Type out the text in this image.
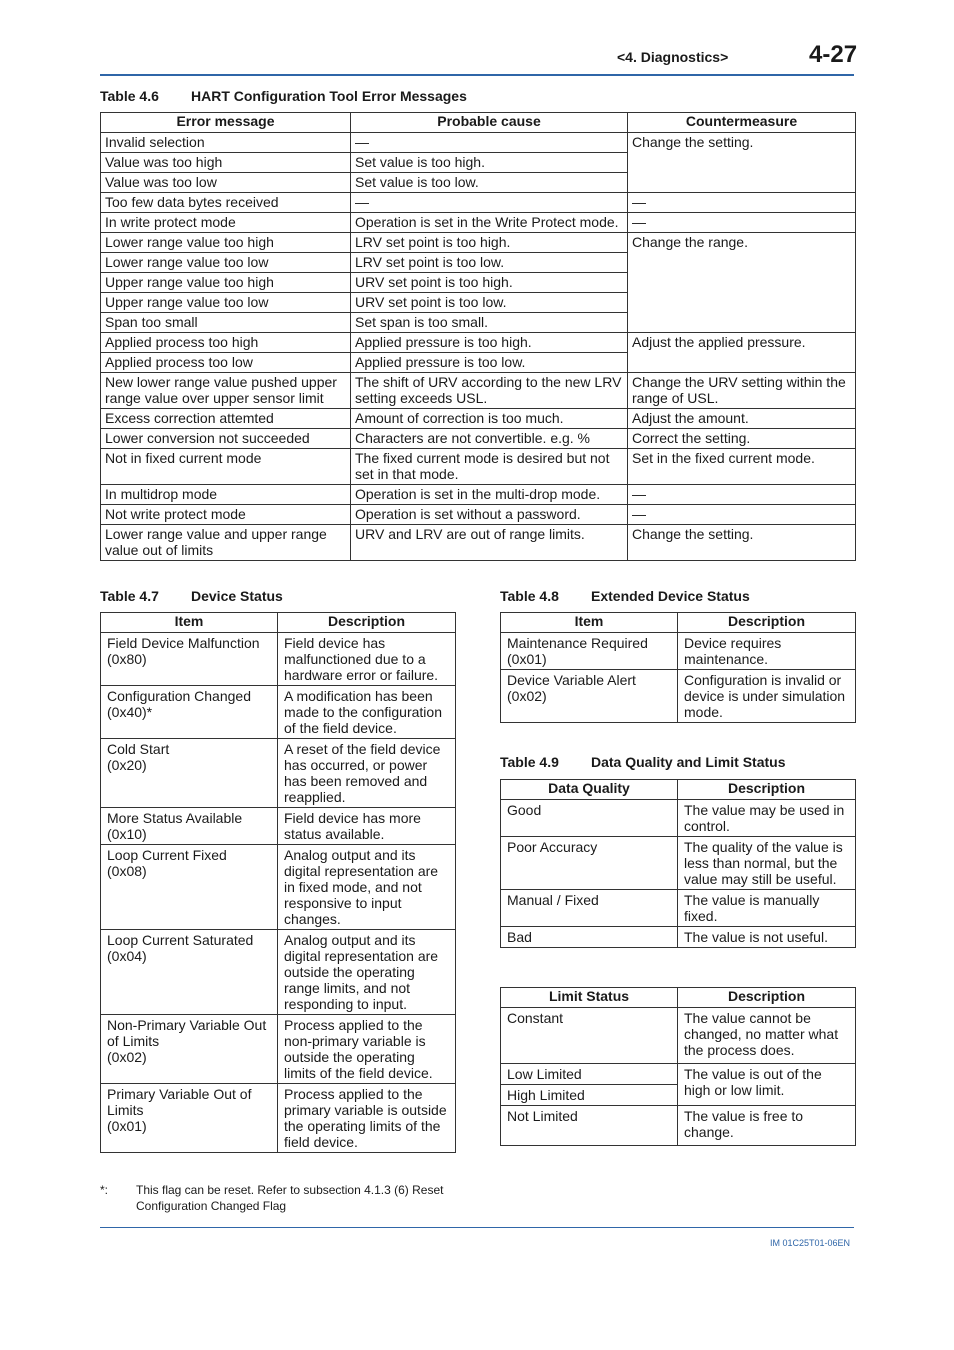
<4. Diagnostics>	4-27
Table 4.6 HART Configuration Tool Error Messages
Error message	Probable cause	Countermeasure
Invalid selection	—	Change the setting.
Value was too high	Set value is too high.	
Value was too low	Set value is too low.	
Too few data bytes received	—	—
In write protect mode	Operation is set in the Write Protect mode.	—
Lower range value too high	LRV set point is too high.	Change the range.
Lower range value too low	LRV set point is too low.	
Upper range value too high	URV set point is too high.	
Upper range value too low	URV set point is too low.	
Span too small	Set span is too small.	
Applied process too high	Applied pressure is too high.	Adjust the applied pressure.
Applied process too low	Applied pressure is too low.	
New lower range value pushed upper range value over upper sensor limit	The shift of URV according to the new LRV setting exceeds USL.	Change the URV setting within the range of USL.
Excess correction attemted	Amount of correction is too much.	Adjust the amount.
Lower conversion not succeeded	Characters are not convertible. e.g. %	Correct the setting.
Not in fixed current mode	The fixed current mode is desired but not set in that mode.	Set in the fixed current mode.
In multidrop mode	Operation is set in the multi-drop mode.	—
Not write protect mode	Operation is set without a password.	—
Lower range value and upper range value out of limits	URV and LRV are out of range limits.	Change the setting.
Table 4.7 Device Status
Item	Description
Field Device Malfunction
(0x80)	Field device has malfunctioned due to a hardware error or failure.
Configuration Changed
(0x40)*	A modification has been made to the configuration of the field device.
Cold Start
(0x20)	A reset of the field device has occurred, or power has been removed and reapplied.
More Status Available
(0x10)	Field device has more status available.
Loop Current Fixed
(0x08)	Analog output and its digital representation are in fixed mode, and not responsive to input changes.
Loop Current Saturated
(0x04)	Analog output and its digital representation are outside the operating range limits, and not responding to input.
Non-Primary Variable Out of Limits
(0x02)	Process applied to the non-primary variable is outside the operating limits of the field device.
Primary Variable Out of Limits
(0x01)	Process applied to the primary variable is outside the operating limits of the field device.
*:	This flag can be reset. Refer to subsection 4.1.3 (6) Reset Configuration Changed Flag
Table 4.8 Extended Device Status
Item	Description
Maintenance Required
(0x01)	Device requires maintenance.
Device Variable Alert
(0x02)	Configuration is invalid or device is under simulation mode.
Table 4.9 Data Quality and Limit Status
Data Quality	Description
Good	The value may be used in control.
Poor Accuracy	The quality of the value is less than normal, but the value may still be useful.
Manual / Fixed	The value is manually fixed.
Bad	The value is not useful.
Limit Status	Description
Constant	The value cannot be changed, no matter what the process does.
Low Limited	The value is out of the high or low limit.
High Limited	
Not Limited	The value is free to change.
IM 01C25T01-06EN
